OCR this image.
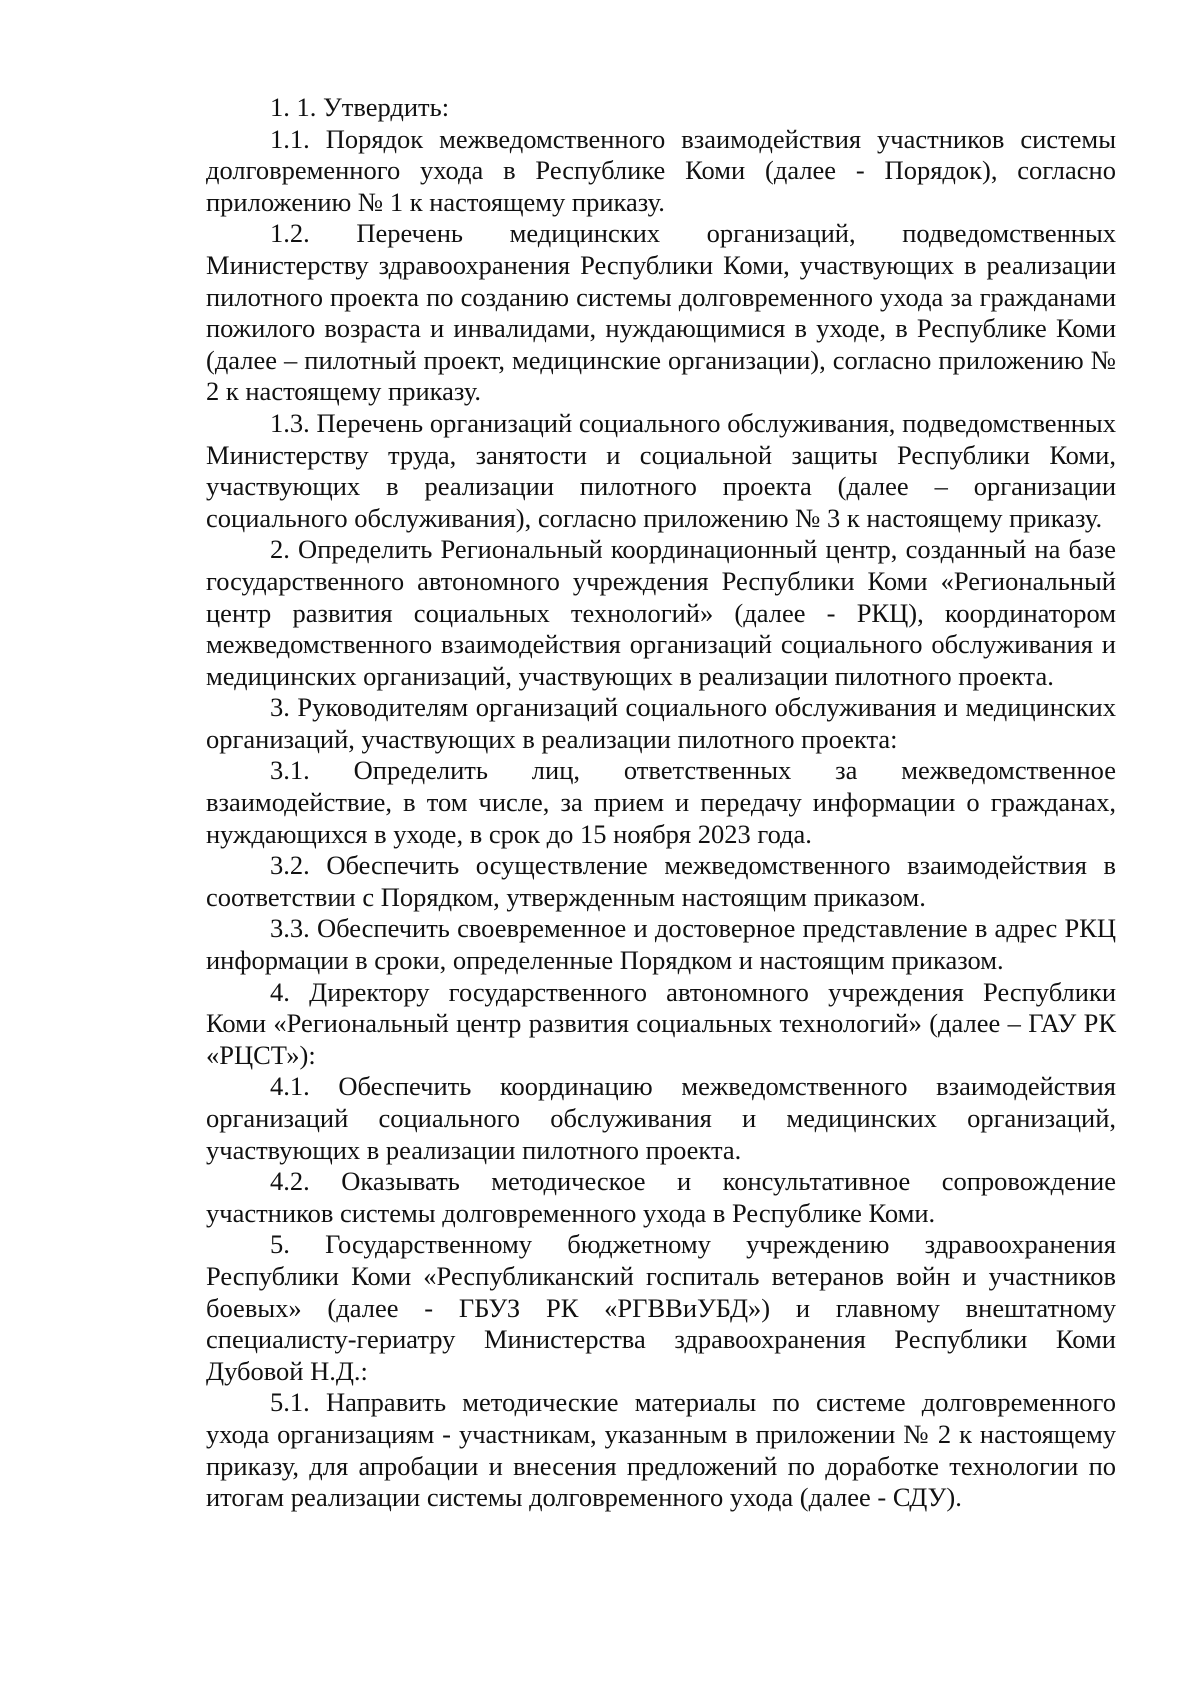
1. 1. Утвердить:

1.1. Порядок межведомственного взаимодействия участников системы долговременного ухода в Республике Коми (далее - Порядок), согласно приложению № 1 к настоящему приказу.

1.2. Перечень медицинских организаций, подведомственных Министерству здравоохранения Республики Коми, участвующих в реализации пилотного проекта по созданию системы долговременного ухода за гражданами пожилого возраста и инвалидами, нуждающимися в уходе, в Республике Коми (далее – пилотный проект, медицинские организации), согласно приложению № 2 к настоящему приказу.

1.3. Перечень организаций социального обслуживания, подведомственных Министерству труда, занятости и социальной защиты Республики Коми, участвующих в реализации пилотного проекта (далее – организации социального обслуживания), согласно приложению № 3 к настоящему приказу.

2. Определить Региональный координационный центр, созданный на базе государственного автономного учреждения Республики Коми «Региональный центр развития социальных технологий» (далее - РКЦ), координатором межведомственного взаимодействия организаций социального обслуживания и медицинских организаций, участвующих в реализации пилотного проекта.

3. Руководителям организаций социального обслуживания и медицинских организаций, участвующих в реализации пилотного проекта:

3.1. Определить лиц, ответственных за межведомственное взаимодействие, в том числе, за прием и передачу информации о гражданах, нуждающихся в уходе, в срок до 15 ноября 2023 года.

3.2. Обеспечить осуществление межведомственного взаимодействия в соответствии с Порядком, утвержденным настоящим приказом.

3.3. Обеспечить своевременное и достоверное представление в адрес РКЦ информации в сроки, определенные Порядком и настоящим приказом.

4. Директору государственного автономного учреждения Республики Коми «Региональный центр развития социальных технологий» (далее – ГАУ РК «РЦСТ»):

4.1. Обеспечить координацию межведомственного взаимодействия организаций социального обслуживания и медицинских организаций, участвующих в реализации пилотного проекта.

4.2. Оказывать методическое и консультативное сопровождение участников системы долговременного ухода в Республике Коми.

5. Государственному бюджетному учреждению здравоохранения Республики Коми «Республиканский госпиталь ветеранов войн и участников боевых» (далее - ГБУЗ РК «РГВВиУБД») и главному внештатному специалисту-гериатру Министерства здравоохранения Республики Коми Дубовой Н.Д.:

5.1. Направить методические материалы по системе долговременного ухода организациям - участникам, указанным в приложении № 2 к настоящему приказу, для апробации и внесения предложений по доработке технологии по итогам реализации системы долговременного ухода (далее - СДУ).
